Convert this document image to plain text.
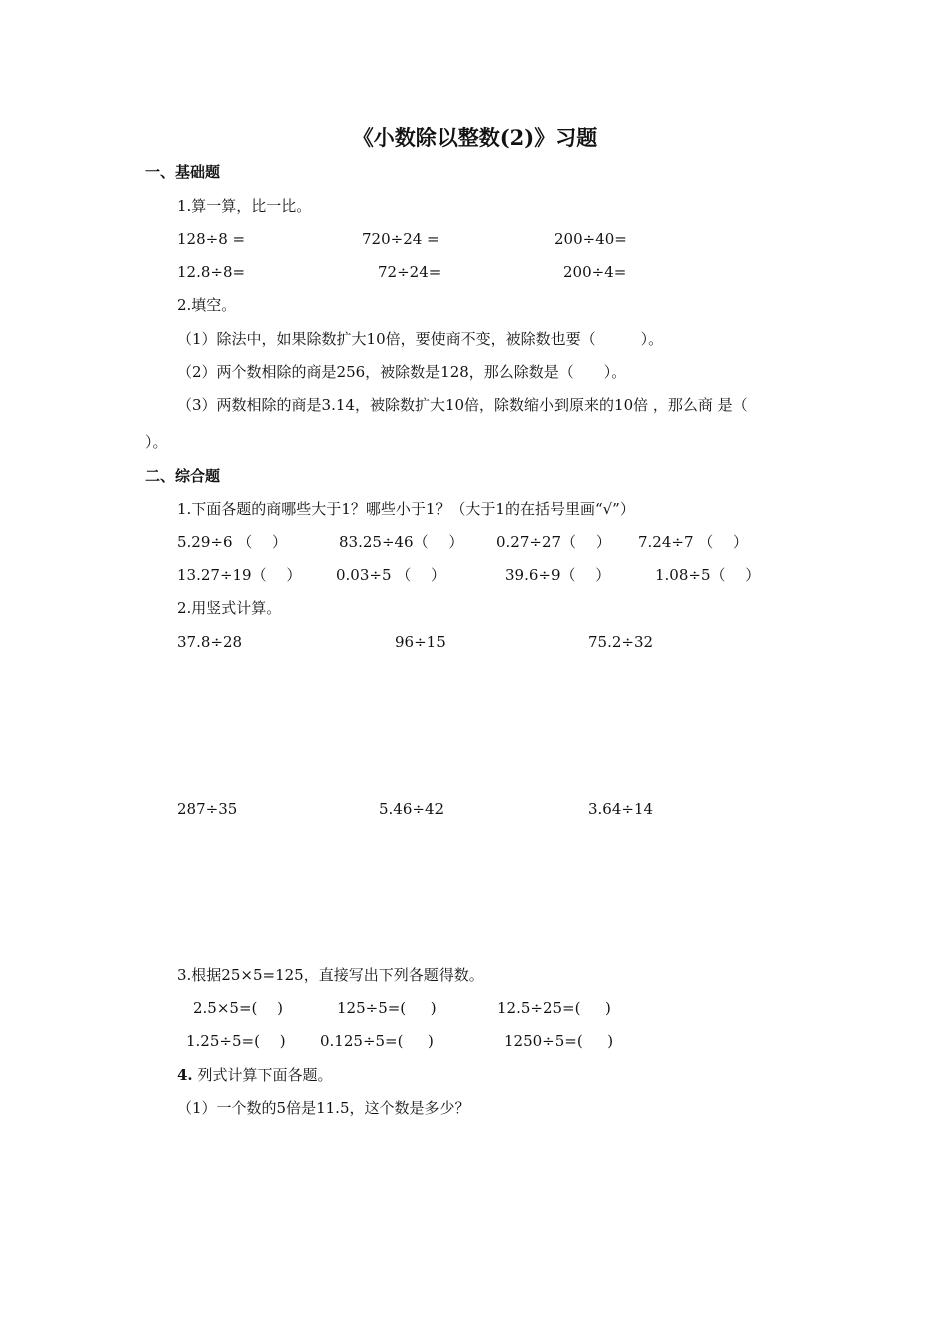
《小数除以整数(2)》习题
一、基础题
1.算一算，比一比。
128÷8 =	720÷24 =	200÷40=
12.8÷8=	72÷24=	200÷4=
2.填空。
（1）除法中，如果除数扩大10倍，要使商不变，被除数也要（　　　）。
（2）两个数相除的商是256，被除数是128，那么除数是（　　）。
（3）两数相除的商是3.14，被除数扩大10倍，除数缩小到原来的10倍 ，那么商 是（
）。
二、综合题
1.下面各题的商哪些大于1？哪些小于1？（大于1的在括号里画“√”）
5.29÷6 （　 ）	83.25÷46（　 ） 0.27÷27（　 ） 7.24÷7 （　 ）
13.27÷19（　 ） 0.03÷5 （　 ）	39.6÷9（　 ）	1.08÷5（　 ）
2.用竖式计算。
37.8÷28	96÷15	75.2÷32
287÷35	5.46÷42	3.64÷14
3.根据25×5=125，直接写出下列各题得数。
2.5×5=( 　)	125÷5=( 　 )	12.5÷25=( 　 )
1.25÷5=( 　) 0.125÷5=( 　 )	1250÷5=( 　 )
4. 列式计算下面各题。
（1）一个数的5倍是11.5，这个数是多少？
